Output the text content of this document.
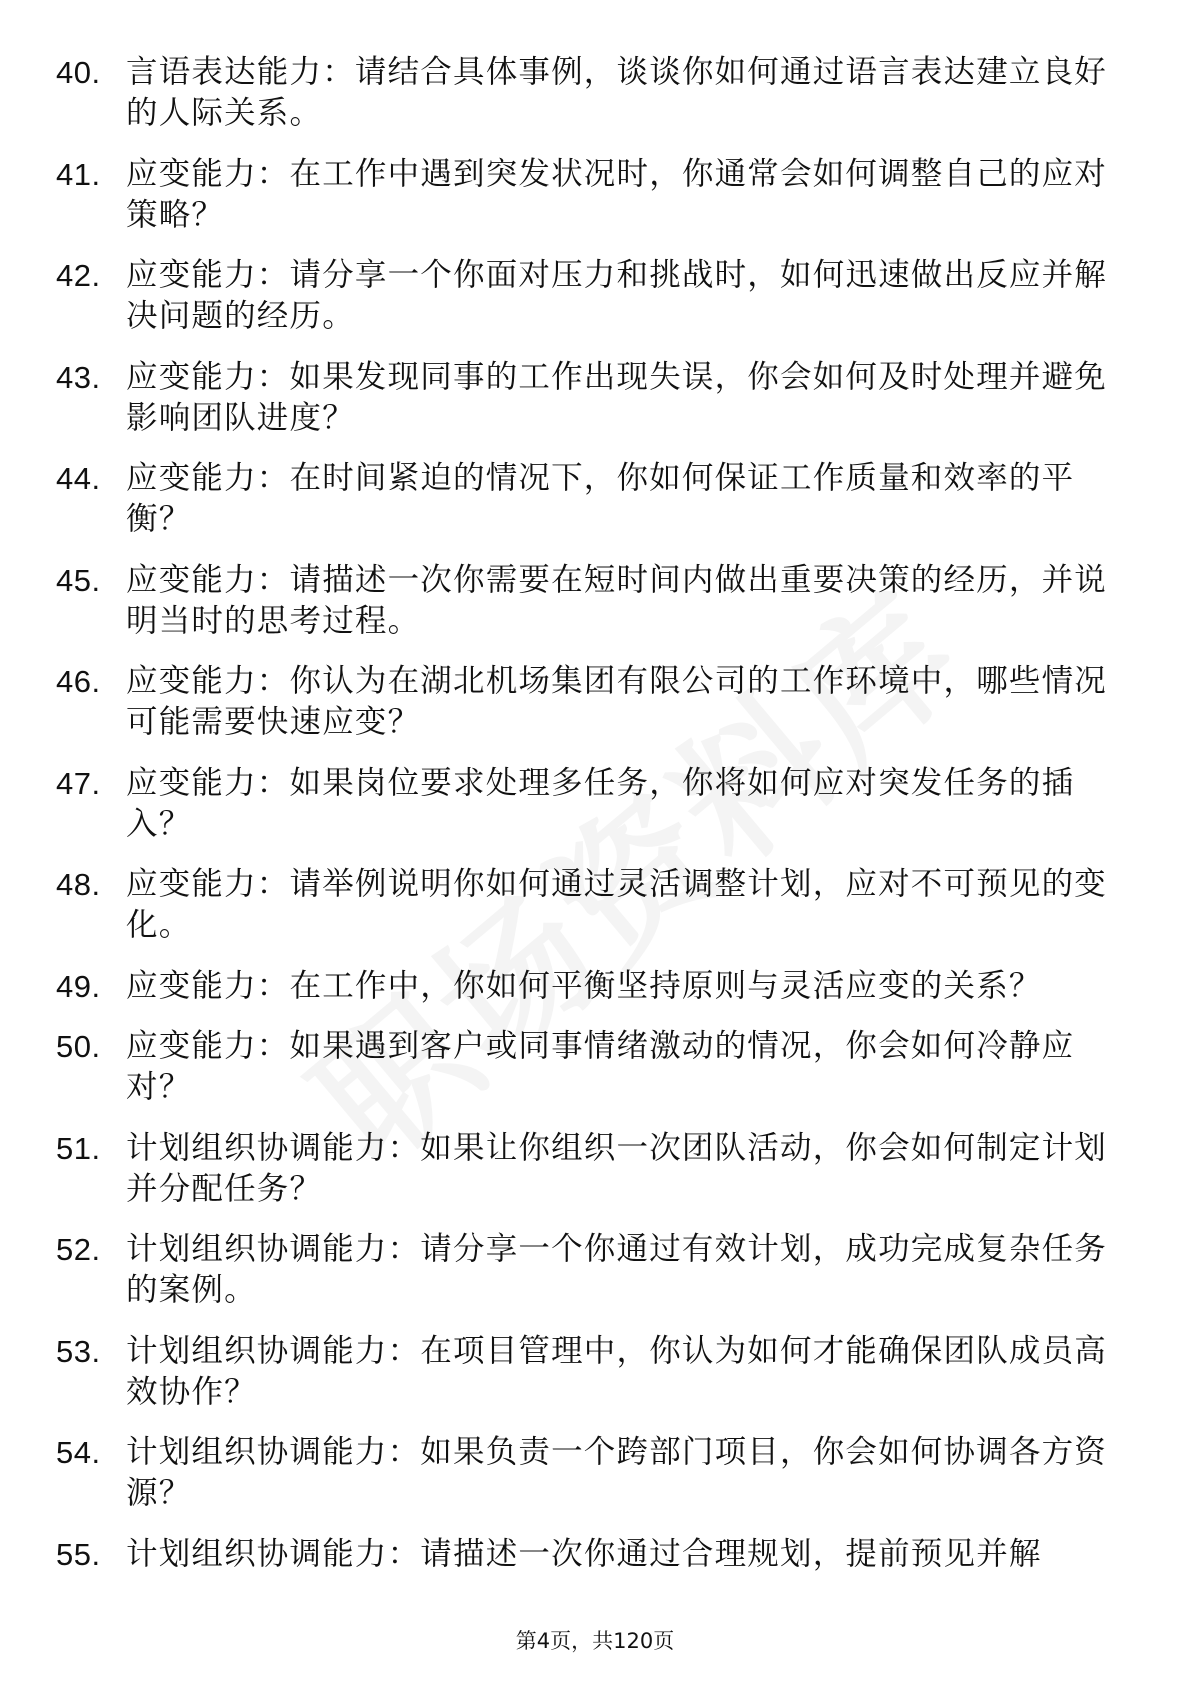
40. 言语表达能力：请结合具体事例，谈谈你如何通过语言表达建立良好的人际关系。
41. 应变能力：在工作中遇到突发状况时，你通常会如何调整自己的应对策略？
42. 应变能力：请分享一个你面对压力和挑战时，如何迅速做出反应并解决问题的经历。
43. 应变能力：如果发现同事的工作出现失误，你会如何及时处理并避免影响团队进度？
44. 应变能力：在时间紧迫的情况下，你如何保证工作质量和效率的平衡？
45. 应变能力：请描述一次你需要在短时间内做出重要决策的经历，并说明当时的思考过程。
46. 应变能力：你认为在湖北机场集团有限公司的工作环境中，哪些情况可能需要快速应变？
47. 应变能力：如果岗位要求处理多任务，你将如何应对突发任务的插入？
48. 应变能力：请举例说明你如何通过灵活调整计划，应对不可预见的变化。
49. 应变能力：在工作中，你如何平衡坚持原则与灵活应变的关系？
50. 应变能力：如果遇到客户或同事情绪激动的情况，你会如何冷静应对？
51. 计划组织协调能力：如果让你组织一次团队活动，你会如何制定计划并分配任务？
52. 计划组织协调能力：请分享一个你通过有效计划，成功完成复杂任务的案例。
53. 计划组织协调能力：在项目管理中，你认为如何才能确保团队成员高效协作？
54. 计划组织协调能力：如果负责一个跨部门项目，你会如何协调各方资源？
55. 计划组织协调能力：请描述一次你通过合理规划，提前预见并解
第4页，共120页
